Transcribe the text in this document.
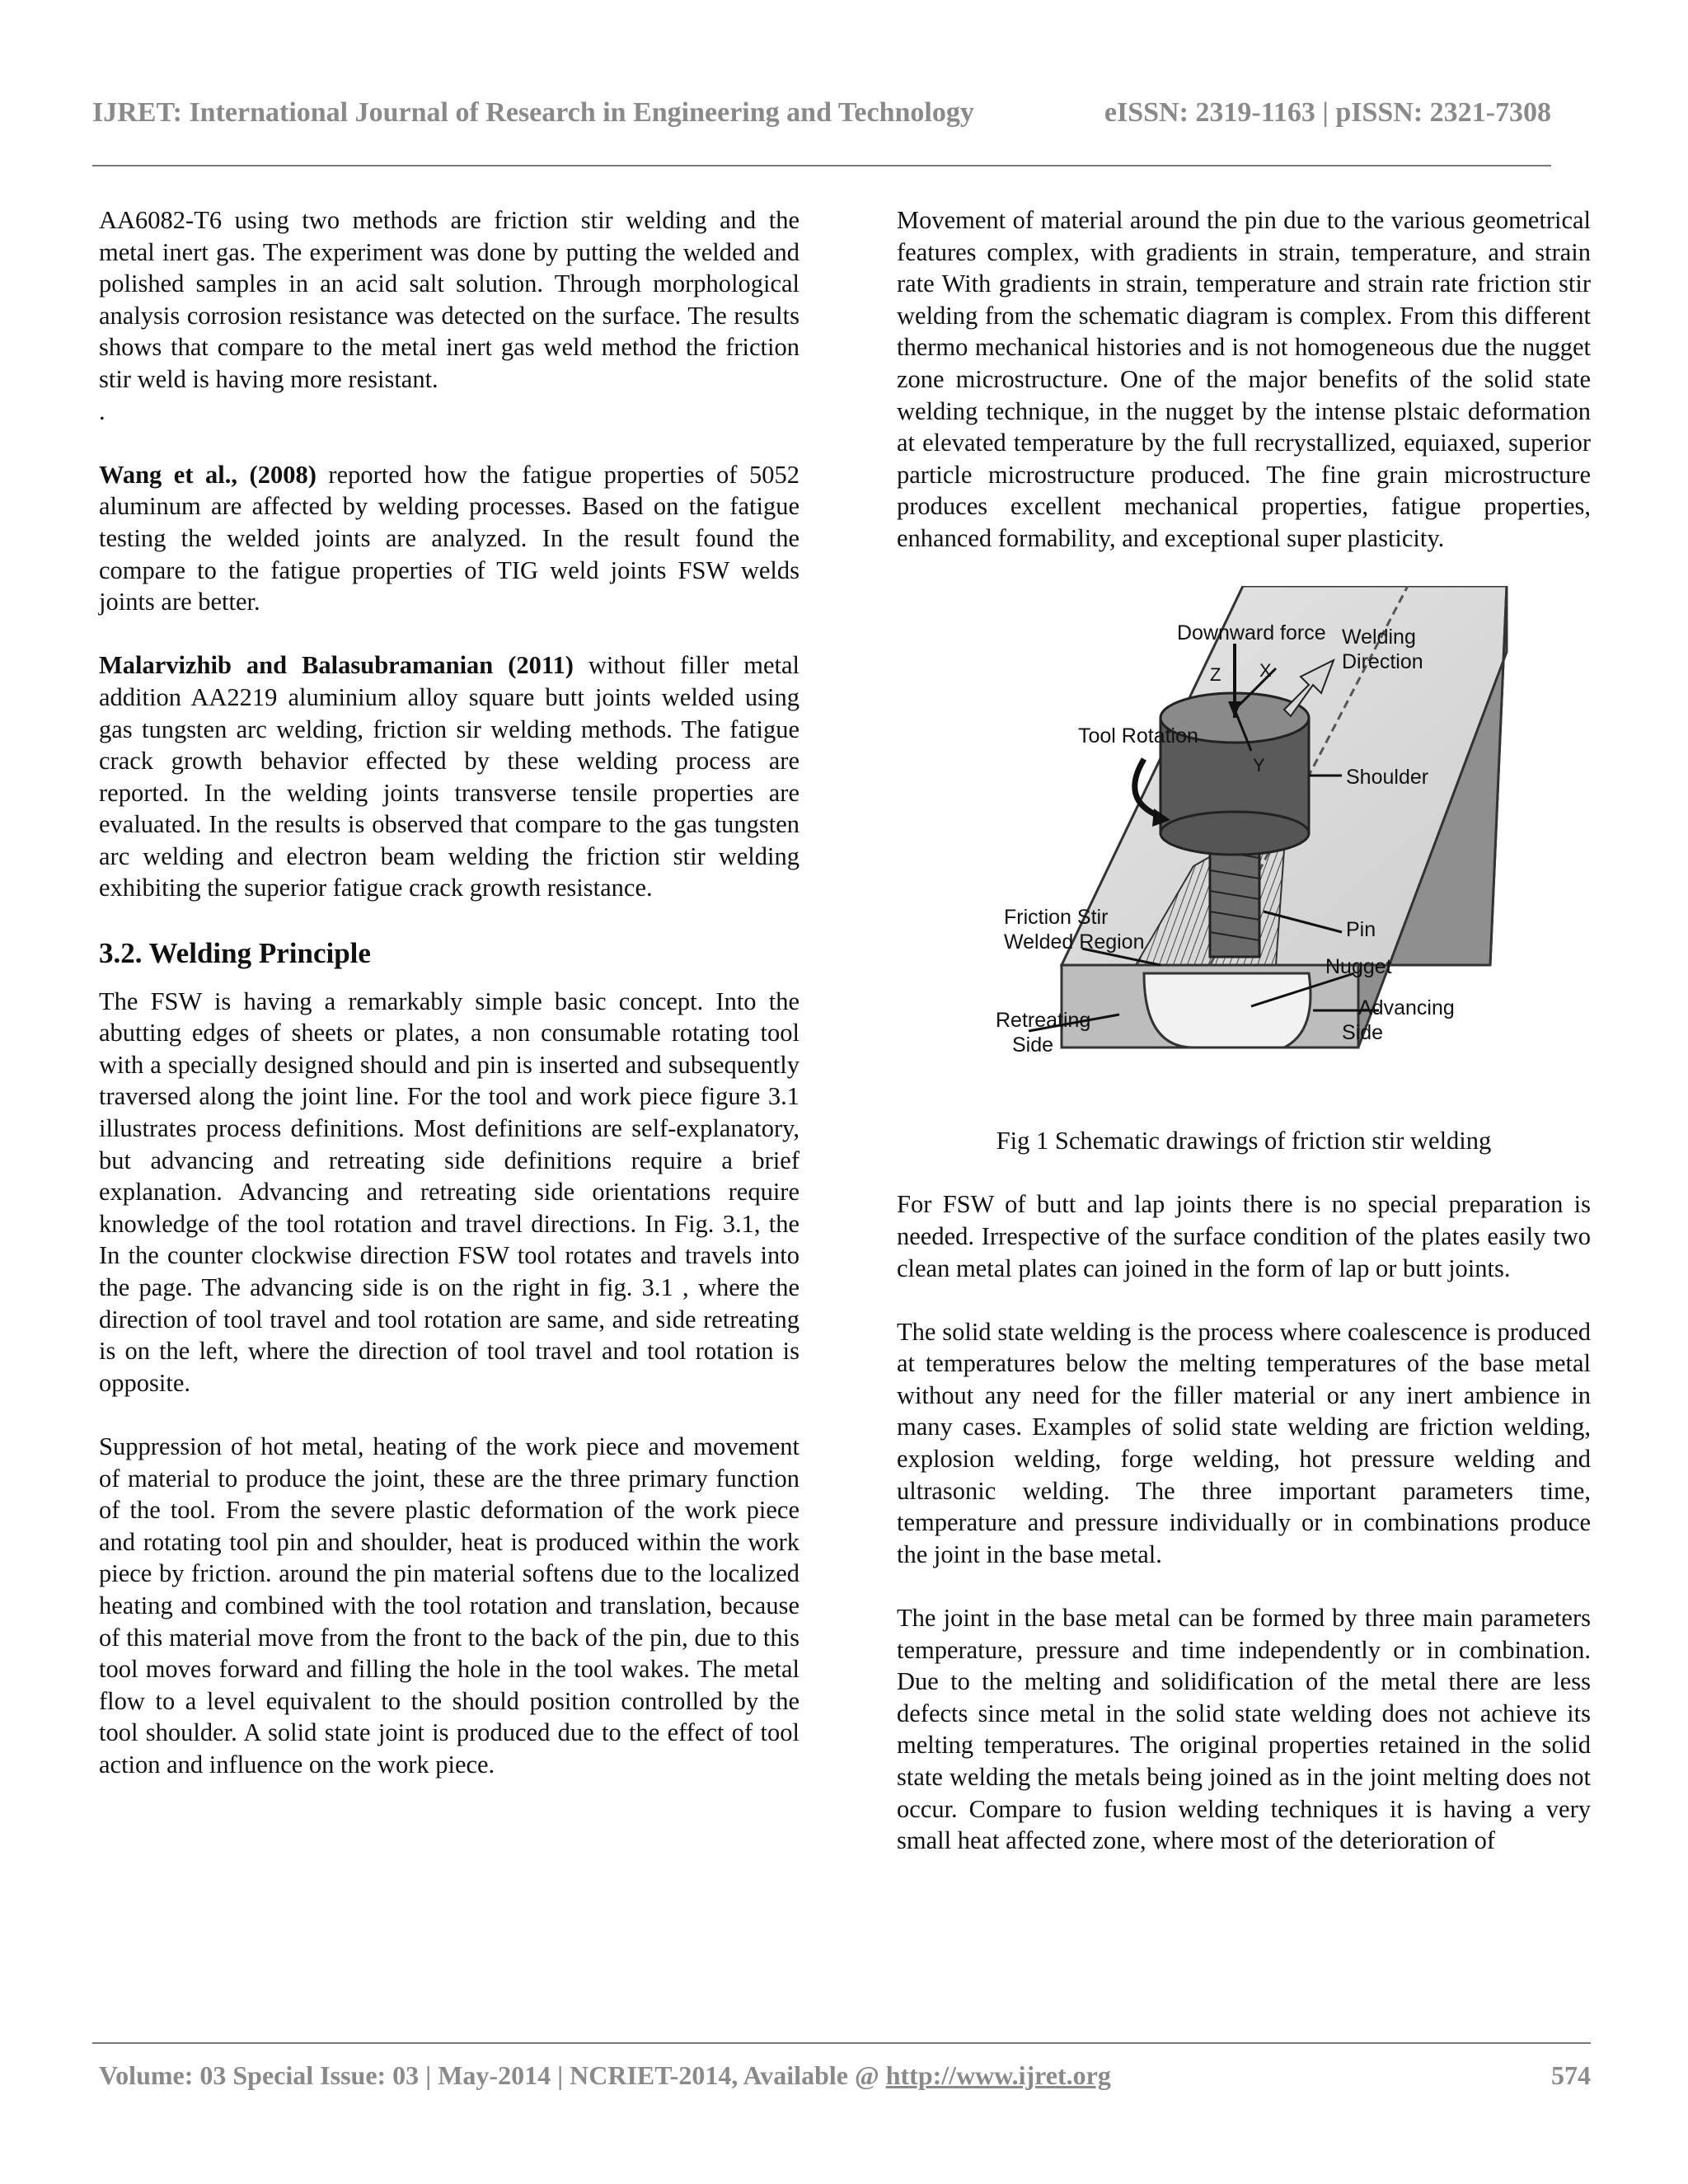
IJRET: International Journal of Research in Engineering and Technology	eISSN: 2319-1163 | pISSN: 2321-7308

AA6082-T6 using two methods are friction stir welding and the metal inert gas. The experiment was done by putting the welded and polished samples in an acid salt solution. Through morphological analysis corrosion resistance was detected on the surface. The results shows that compare to the metal inert gas weld method the friction stir weld is having more resistant.

.

Wang et al., (2008) reported how the fatigue properties of 5052 aluminum are affected by welding processes. Based on the fatigue testing the welded joints are analyzed. In the result found the compare to the fatigue properties of TIG weld joints FSW welds joints are better.

Malarvizhib and Balasubramanian (2011) without filler metal addition AA2219 aluminium alloy square butt joints welded using gas tungsten arc welding, friction sir welding methods. The fatigue crack growth behavior effected by these welding process are reported. In the welding joints transverse tensile properties are evaluated. In the results is observed that compare to the gas tungsten arc welding and electron beam welding the friction stir welding exhibiting the superior fatigue crack growth resistance.

3.2. Welding Principle

The FSW is having a remarkably simple basic concept. Into the abutting edges of sheets or plates, a non consumable rotating tool with a specially designed should and pin is inserted and subsequently traversed along the joint line. For the tool and work piece figure 3.1 illustrates process definitions. Most definitions are self-explanatory, but advancing and retreating side definitions require a brief explanation. Advancing and retreating side orientations require knowledge of the tool rotation and travel directions. In Fig. 3.1, the In the counter clockwise direction FSW tool rotates and travels into the page. The advancing side is on the right in fig. 3.1 , where the direction of tool travel and tool rotation are same, and side retreating is on the left, where the direction of tool travel and tool rotation is opposite.

Suppression of hot metal, heating of the work piece and movement of material to produce the joint, these are the three primary function of the tool. From the severe plastic deformation of the work piece and rotating tool pin and shoulder, heat is produced within the work piece by friction. around the pin material softens due to the localized heating and combined with the tool rotation and translation, because of this material move from the front to the back of the pin, due to this tool moves forward and filling the hole in the tool wakes. The metal flow to a level equivalent to the should position controlled by the tool shoulder. A solid state joint is produced due to the effect of tool action and influence on the work piece.

Movement of material around the pin due to the various geometrical features complex, with gradients in strain, temperature, and strain rate With gradients in strain, temperature and strain rate friction stir welding from the schematic diagram is complex. From this different thermo mechanical histories and is not homogeneous due the nugget zone microstructure. One of the major benefits of the solid state welding technique, in the nugget by the intense plstaic deformation at elevated temperature by the full recrystallized, equiaxed, superior particle microstructure produced. The fine grain microstructure produces excellent mechanical properties, fatigue properties, enhanced formability, and exceptional super plasticity.

Z X
Y
Downward force Welding
Direction
Tool Rotation
Shoulder
Friction Stir
Welded Region
Pin
Nugget
Retreating
Side
Advancing
Side

Fig 1 Schematic drawings of friction stir welding

For FSW of butt and lap joints there is no special preparation is needed. Irrespective of the surface condition of the plates easily two clean metal plates can joined in the form of lap or butt joints.

The solid state welding is the process where coalescence is produced at temperatures below the melting temperatures of the base metal without any need for the filler material or any inert ambience in many cases. Examples of solid state welding are friction welding, explosion welding, forge welding, hot pressure welding and ultrasonic welding. The three important parameters time, temperature and pressure individually or in combinations produce the joint in the base metal.

The joint in the base metal can be formed by three main parameters temperature, pressure and time independently or in combination. Due to the melting and solidification of the metal there are less defects since metal in the solid state welding does not achieve its melting temperatures. The original properties retained in the solid state welding the metals being joined as in the joint melting does not occur. Compare to fusion welding techniques it is having a very small heat affected zone, where most of the deterioration of

Volume: 03 Special Issue: 03 | May-2014 | NCRIET-2014, Available @ http://www.ijret.org	574
